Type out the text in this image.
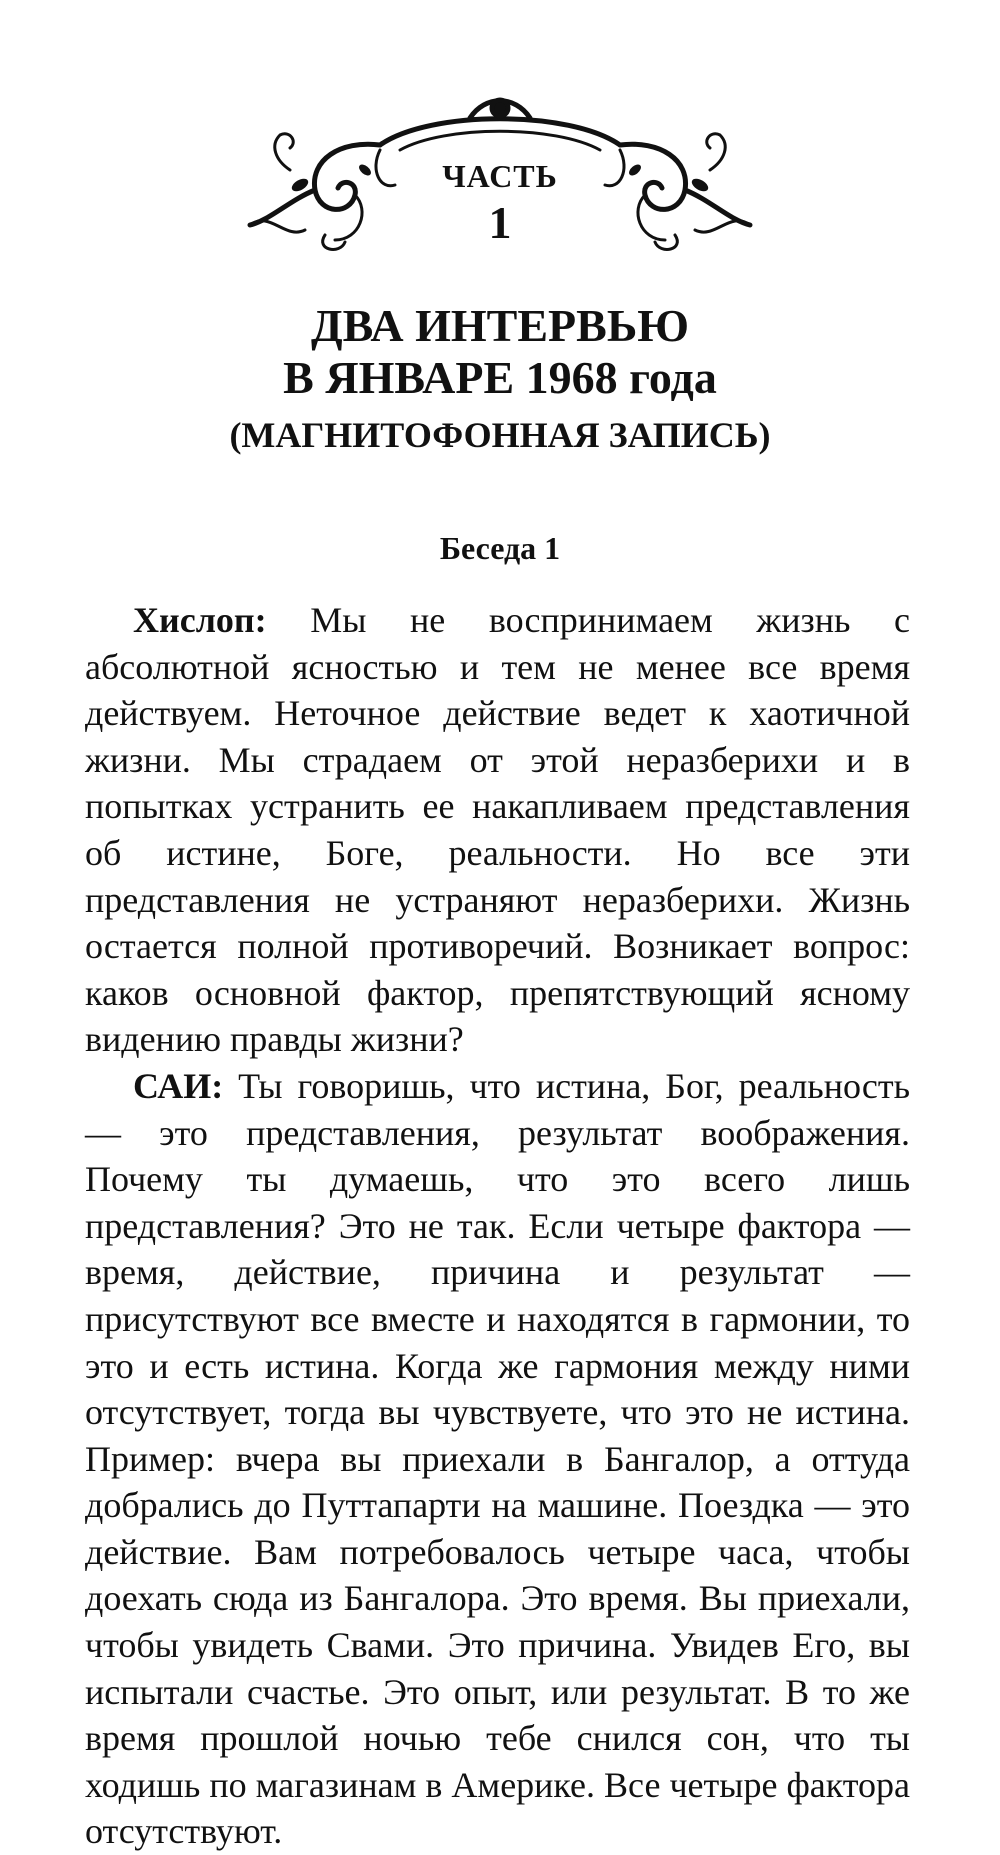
ЧАСТЬ
1
ДВА ИНТЕРВЬЮ
В ЯНВАРЕ 1968 года
(МАГНИТОФОННАЯ ЗАПИСЬ)
Беседа 1

Хислоп: Мы не воспринимаем жизнь с абсолютной ясностью и тем не менее все время действуем. Неточное действие ведет к хаотичной жизни. Мы страдаем от этой неразберихи и в попытках устранить ее накапливаем представления об истине, Боге, реальности. Но все эти представления не устраняют неразберихи. Жизнь остается полной противоречий. Возникает вопрос: каков основной фактор, препятствующий ясному видению правды жизни?

САИ: Ты говоришь, что истина, Бог, реальность — это представления, результат воображения. Почему ты думаешь, что это всего лишь представления? Это не так. Если четыре фактора — время, действие, причина и результат — присутствуют все вместе и находятся в гармонии, то это и есть истина. Когда же гармония между ними отсутствует, тогда вы чувствуете, что это не истина. Пример: вчера вы приехали в Бангалор, а оттуда добрались до Путтапарти на машине. Поездка — это действие. Вам потребовалось четыре часа, чтобы доехать сюда из Бангалора. Это время. Вы приехали, чтобы увидеть Свами. Это причина. Увидев Его, вы испытали счастье. Это опыт, или результат. В то же время прошлой ночью тебе снился сон, что ты ходишь по магазинам в Америке. Все четыре фактора отсутствуют.
